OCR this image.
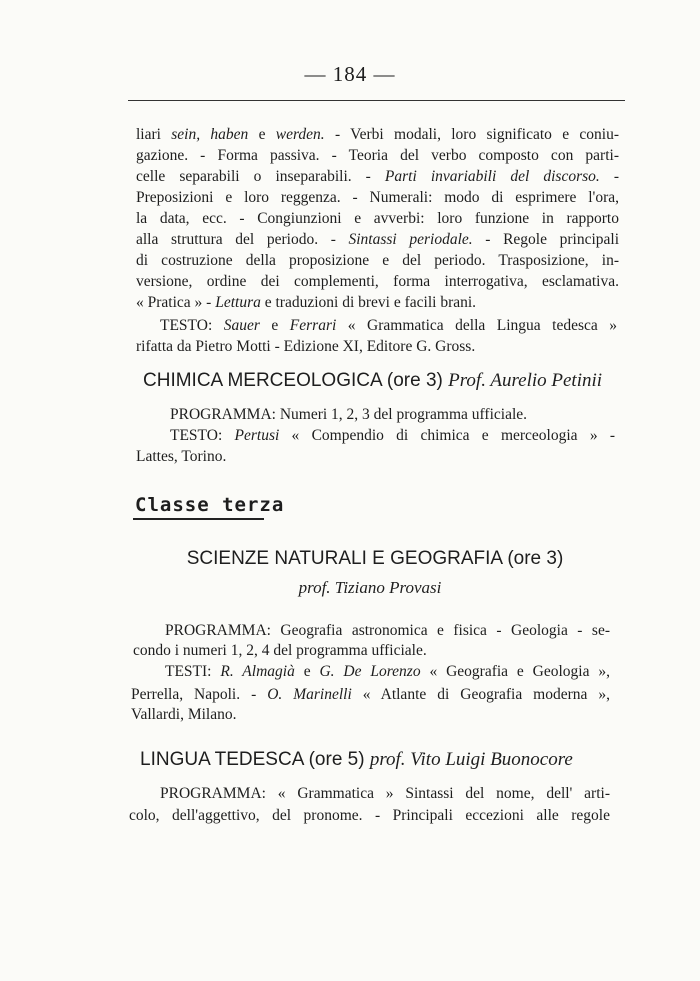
— 184 —
liari sein, haben e werden. - Verbi modali, loro significato e coniu-
gazione. - Forma passiva. - Teoria del verbo composto con parti-
celle separabili o inseparabili. - Parti invariabili del discorso. -
Preposizioni e loro reggenza. - Numerali: modo di esprimere l'ora,
la data, ecc. - Congiunzioni e avverbi: loro funzione in rapporto
alla struttura del periodo. - Sintassi periodale. - Regole principali
di costruzione della proposizione e del periodo. Trasposizione, in-
versione, ordine dei complementi, forma interrogativa, esclamativa.
« Pratica » - Lettura e traduzioni di brevi e facili brani.
TESTO: Sauer e Ferrari « Grammatica della Lingua tedesca »
rifatta da Pietro Motti - Edizione XI, Editore G. Gross.
CHIMICA MERCEOLOGICA (ore 3) Prof. Aurelio Petinii
PROGRAMMA: Numeri 1, 2, 3 del programma ufficiale.
TESTO: Pertusi « Compendio di chimica e merceologia » -
Lattes, Torino.
Classe terza
SCIENZE NATURALI E GEOGRAFIA (ore 3)
prof. Tiziano Provasi
PROGRAMMA: Geografia astronomica e fisica - Geologia - se-
condo i numeri 1, 2, 4 del programma ufficiale.
TESTI: R. Almagià e G. De Lorenzo « Geografia e Geologia »,
Perrella, Napoli. - O. Marinelli « Atlante di Geografia moderna »,
Vallardi, Milano.
LINGUA TEDESCA (ore 5) prof. Vito Luigi Buonocore
PROGRAMMA: « Grammatica » Sintassi del nome, dell' arti-
colo, dell'aggettivo, del pronome. - Principali eccezioni alle regole
